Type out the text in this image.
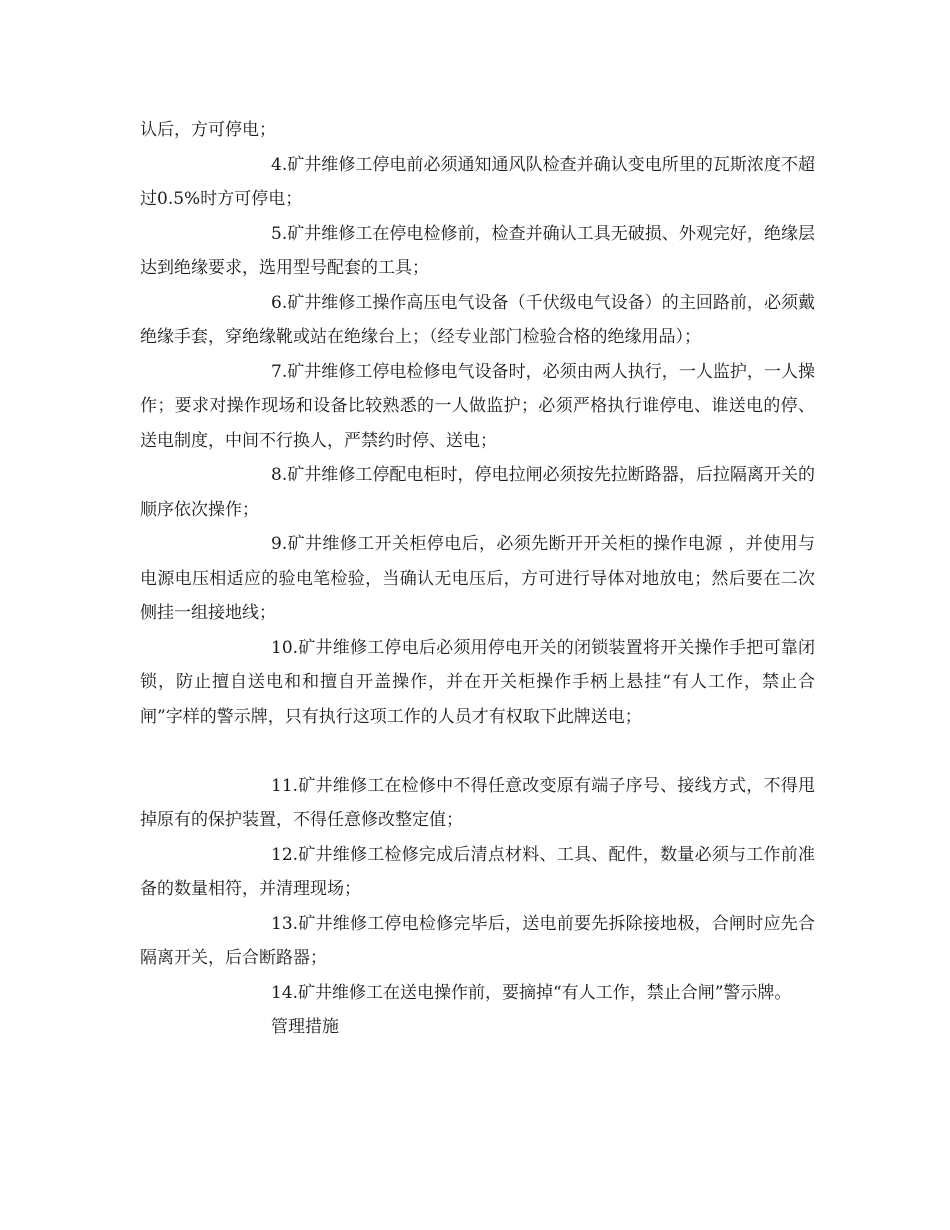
认后，方可停电；

4.矿井维修工停电前必须通知通风队检查并确认变电所里的瓦斯浓度不超过0.5%时方可停电；

5.矿井维修工在停电检修前，检查并确认工具无破损、外观完好，绝缘层达到绝缘要求，选用型号配套的工具；

6.矿井维修工操作高压电气设备（千伏级电气设备）的主回路前，必须戴绝缘手套，穿绝缘靴或站在绝缘台上；（经专业部门检验合格的绝缘用品）；

7.矿井维修工停电检修电气设备时，必须由两人执行，一人监护，一人操作；要求对操作现场和设备比较熟悉的一人做监护；必须严格执行谁停电、谁送电的停、送电制度，中间不行换人，严禁约时停、送电；

8.矿井维修工停配电柜时，停电拉闸必须按先拉断路器，后拉隔离开关的顺序依次操作；

9.矿井维修工开关柜停电后，必须先断开开关柜的操作电源 ，并使用与电源电压相适应的验电笔检验，当确认无电压后，方可进行导体对地放电；然后要在二次侧挂一组接地线；

10.矿井维修工停电后必须用停电开关的闭锁装置将开关操作手把可靠闭锁，防止擅自送电和和擅自开盖操作，并在开关柜操作手柄上悬挂“有人工作，禁止合闸”字样的警示牌，只有执行这项工作的人员才有权取下此牌送电；

11.矿井维修工在检修中不得任意改变原有端子序号、接线方式，不得甩掉原有的保护装置，不得任意修改整定值；

12.矿井维修工检修完成后清点材料、工具、配件，数量必须与工作前准备的数量相符，并清理现场；

13.矿井维修工停电检修完毕后，送电前要先拆除接地极，合闸时应先合隔离开关，后合断路器；

14.矿井维修工在送电操作前，要摘掉“有人工作，禁止合闸”警示牌。

管理措施
